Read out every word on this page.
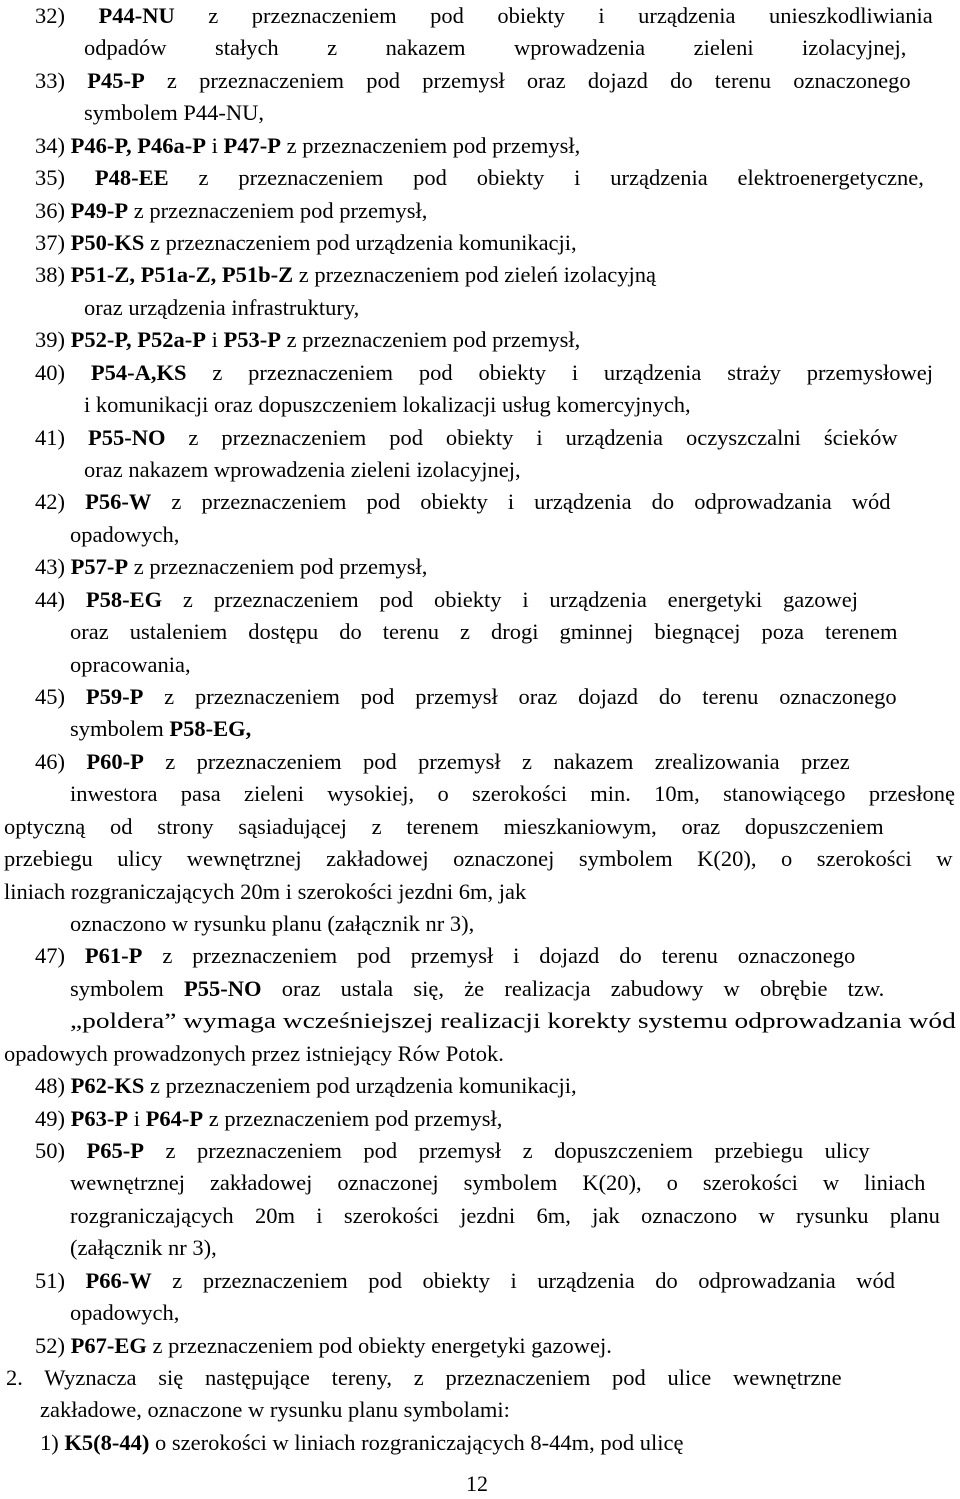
32) P44-NU z przeznaczeniem pod obiekty i urządzenia unieszkodliwiania
odpadów stałych z nakazem wprowadzenia zieleni izolacyjnej,
33) P45-P z przeznaczeniem pod przemysł oraz dojazd do terenu oznaczonego
symbolem P44-NU,
34) P46-P, P46a-P i P47-P z przeznaczeniem pod przemysł,
35) P48-EE z przeznaczeniem pod obiekty i urządzenia elektroenergetyczne,
36) P49-P z przeznaczeniem pod przemysł,
37) P50-KS z przeznaczeniem pod urządzenia komunikacji,
38) P51-Z, P51a-Z, P51b-Z z przeznaczeniem pod zieleń izolacyjną
oraz urządzenia infrastruktury,
39) P52-P, P52a-P i P53-P z przeznaczeniem pod przemysł,
40) P54-A,KS z przeznaczeniem pod obiekty i urządzenia straży przemysłowej
i komunikacji oraz dopuszczeniem lokalizacji usług komercyjnych,
41) P55-NO z przeznaczeniem pod obiekty i urządzenia oczyszczalni ścieków
oraz nakazem wprowadzenia zieleni izolacyjnej,
42) P56-W z przeznaczeniem pod obiekty i urządzenia do odprowadzania wód
opadowych,
43) P57-P z przeznaczeniem pod przemysł,
44) P58-EG z przeznaczeniem pod obiekty i urządzenia energetyki gazowej
oraz ustaleniem dostępu do terenu z drogi gminnej biegnącej poza terenem
opracowania,
45) P59-P z przeznaczeniem pod przemysł oraz dojazd do terenu oznaczonego
symbolem P58-EG,
46) P60-P z przeznaczeniem pod przemysł z nakazem zrealizowania przez
inwestora pasa zieleni wysokiej, o szerokości min. 10m, stanowiącego przesłonę
optyczną od strony sąsiadującej z terenem mieszkaniowym, oraz dopuszczeniem
przebiegu ulicy wewnętrznej zakładowej oznaczonej symbolem K(20), o szerokości w
liniach rozgraniczających 20m i szerokości jezdni 6m, jak
oznaczono w rysunku planu (załącznik nr 3),
47) P61-P z przeznaczeniem pod przemysł i dojazd do terenu oznaczonego
symbolem P55-NO oraz ustala się, że realizacja zabudowy w obrębie tzw.
„poldera” wymaga wcześniejszej realizacji korekty systemu odprowadzania wód
opadowych prowadzonych przez istniejący Rów Potok.
48) P62-KS z przeznaczeniem pod urządzenia komunikacji,
49) P63-P i P64-P z przeznaczeniem pod przemysł,
50) P65-P z przeznaczeniem pod przemysł z dopuszczeniem przebiegu ulicy
wewnętrznej zakładowej oznaczonej symbolem K(20), o szerokości w liniach
rozgraniczających 20m i szerokości jezdni 6m, jak oznaczono w rysunku planu
(załącznik nr 3),
51) P66-W z przeznaczeniem pod obiekty i urządzenia do odprowadzania wód
opadowych,
52) P67-EG z przeznaczeniem pod obiekty energetyki gazowej.
2. Wyznacza się następujące tereny, z przeznaczeniem pod ulice wewnętrzne
zakładowe, oznaczone w rysunku planu symbolami:
1) K5(8-44) o szerokości w liniach rozgraniczających 8-44m, pod ulicę
12
